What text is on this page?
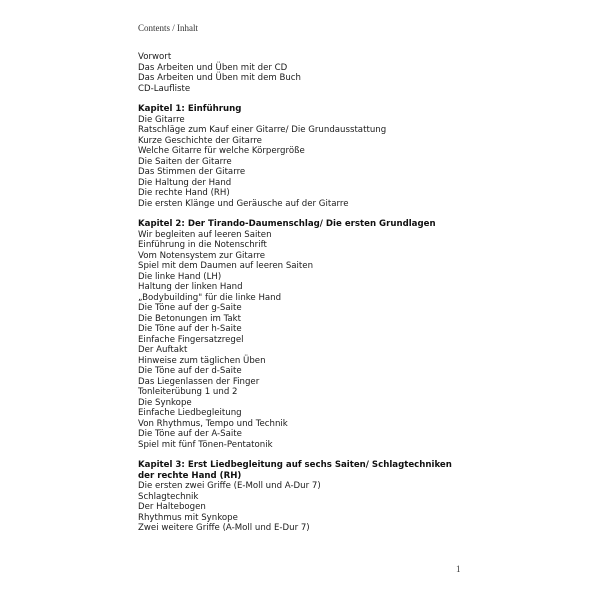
Contents / Inhalt
Vorwort
Das Arbeiten und Üben mit der CD
Das Arbeiten und Üben mit dem Buch
CD-Laufliste
Kapitel 1: Einführung
Die Gitarre
Ratschläge zum Kauf einer Gitarre/ Die Grundausstattung
Kurze Geschichte der Gitarre
Welche Gitarre für welche Körpergröße
Die Saiten der Gitarre
Das Stimmen der Gitarre
Die Haltung der Hand
Die rechte Hand (RH)
Die ersten Klänge und Geräusche auf der Gitarre
Kapitel 2: Der Tirando-Daumenschlag/ Die ersten Grundlagen
Wir begleiten auf leeren Saiten
Einführung in die Notenschrift
Vom Notensystem zur Gitarre
Spiel mit dem Daumen auf leeren Saiten
Die linke Hand (LH)
Haltung der linken Hand
„Bodybuilding" für die linke Hand
Die Töne auf der g-Saite
Die Betonungen im Takt
Die Töne auf der h-Saite
Einfache Fingersatzregel
Der Auftakt
Hinweise zum täglichen Üben
Die Töne auf der d-Saite
Das Liegenlassen der Finger
Tonleiterübung 1 und 2
Die Synkope
Einfache Liedbegleitung
Von Rhythmus, Tempo und Technik
Die Töne auf der A-Saite
Spiel mit fünf Tönen-Pentatonik
Kapitel 3: Erst Liedbegleitung auf sechs Saiten/ Schlagtechniken der rechte Hand (RH)
Die ersten zwei Griffe (E-Moll und A-Dur 7)
Schlagtechnik
Der Haltebogen
Rhythmus mit Synkope
Zwei weitere Griffe (A-Moll und E-Dur 7)
1
